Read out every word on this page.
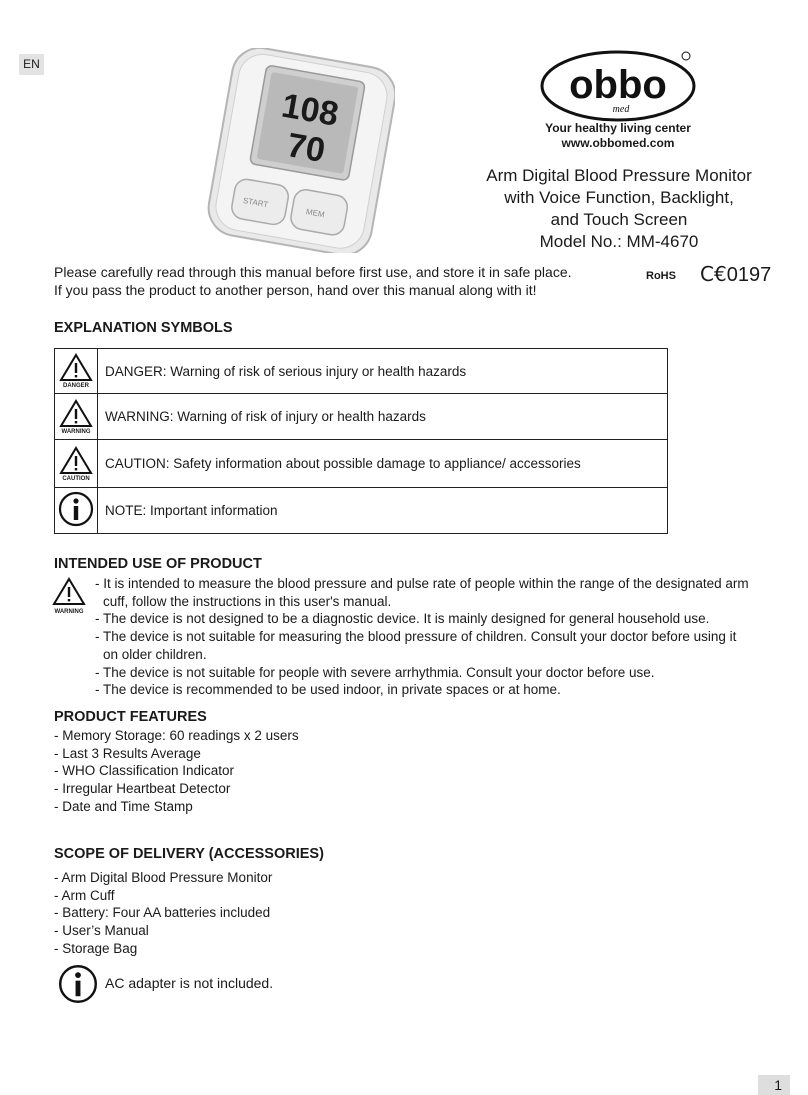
EN
108
70
START
MEM
obbo
med
Your healthy living center
www.obbomed.com
Arm Digital Blood Pressure Monitor
with Voice Function, Backlight,
and Touch Screen
Model No.: MM-4670
Please carefully read through this manual before first use, and store it in safe place.
If you pass the product to another person, hand over this manual along with it!
RoHS C€0197
EXPLANATION SYMBOLS
DANGER	DANGER: Warning of risk of serious injury or health hazards

WARNING	WARNING: Warning of risk of injury or health hazards

CAUTION	CAUTION: Safety information about possible damage to appliance/ accessories
	NOTE: Important information
INTENDED USE OF PRODUCT
WARNING
- It is intended to measure the blood pressure and pulse rate of people within the range of the designated arm
cuff, follow the instructions in this user's manual.
- The device is not designed to be a diagnostic device. It is mainly designed for general household use.
- The device is not suitable for measuring the blood pressure of children. Consult your doctor before using it
on older children.
- The device is not suitable for people with severe arrhythmia. Consult your doctor before use.
- The device is recommended to be used indoor, in private spaces or at home.
PRODUCT FEATURES
- Memory Storage: 60 readings x 2 users
- Last 3 Results Average
- WHO Classification Indicator
- Irregular Heartbeat Detector
- Date and Time Stamp
SCOPE OF DELIVERY (ACCESSORIES)
- Arm Digital Blood Pressure Monitor
- Arm Cuff
- Battery: Four AA batteries included
- User’s Manual
- Storage Bag
AC adapter is not included.
1
